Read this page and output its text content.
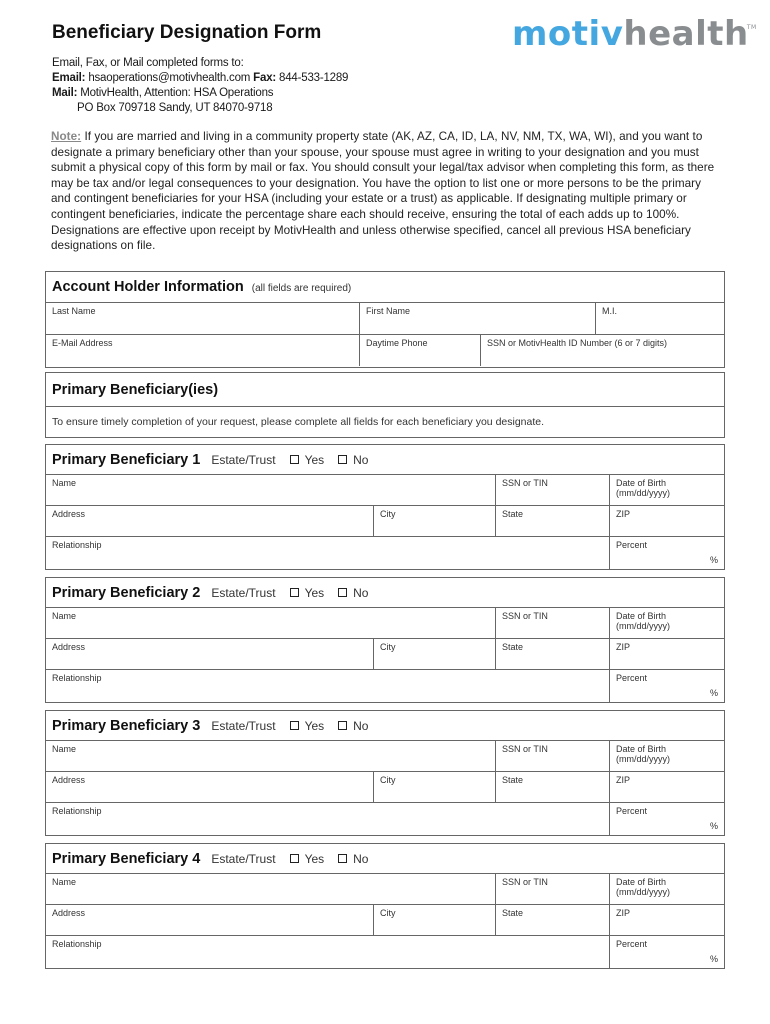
Beneficiary Designation Form	motivhealth
TM
Email, Fax, or Mail completed forms to:
Email: hsaoperations@motivhealth.com Fax: 844-533-1289
Mail: MotivHealth, Attention: HSA Operations
PO Box 709718 Sandy, UT 84070-9718
Note: If you are married and living in a community property state (AK, AZ, CA, ID, LA, NV, NM, TX, WA, WI), and you want to designate a primary beneficiary other than your spouse, your spouse must agree in writing to your designation and you must submit a physical copy of this form by mail or fax. You should consult your legal/tax advisor when completing this form, as there may be tax and/or legal consequences to your designation. You have the option to list one or more persons to be the primary and contingent beneficiaries for your HSA (including your estate or a trust) as applicable. If designating multiple primary or contingent beneficiaries, indicate the percentage share each should receive, ensuring the total of each adds up to 100%. Designations are effective upon receipt by MotivHealth and unless otherwise specified, cancel all previous HSA beneficiary designations on file.
Account Holder Information (all fields are required)
Last Name	First Name	M.I.
E-Mail Address	Daytime Phone	SSN or MotivHealth ID Number (6 or 7 digits)
Primary Beneficiary(ies)
To ensure timely completion of your request, please complete all fields for each beneficiary you designate.
Primary Beneficiary 1 Estate/Trust Yes No
Name	SSN or TIN	Date of Birth (mm/dd/yyyy)
Address	City	State	ZIP
Relationship	Percent
%
Primary Beneficiary 2 Estate/Trust Yes No
Name	SSN or TIN	Date of Birth (mm/dd/yyyy)
Address	City	State	ZIP
Relationship	Percent
%
Primary Beneficiary 3 Estate/Trust Yes No
Name	SSN or TIN	Date of Birth (mm/dd/yyyy)
Address	City	State	ZIP
Relationship	Percent
%
Primary Beneficiary 4 Estate/Trust Yes No
Name	SSN or TIN	Date of Birth (mm/dd/yyyy)
Address	City	State	ZIP
Relationship	Percent
%
